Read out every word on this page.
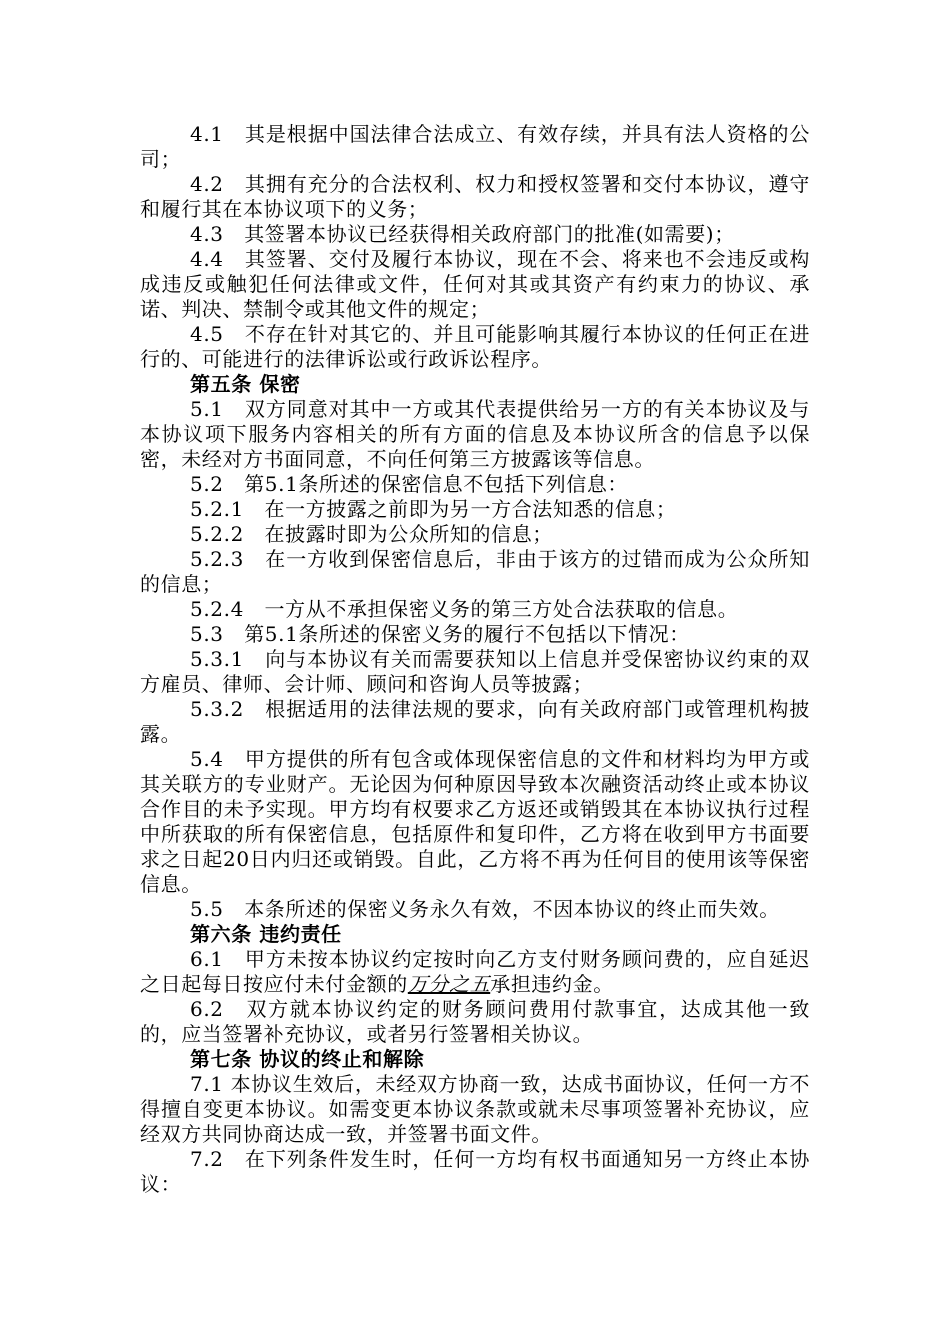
4.1　其是根据中国法律合法成立、有效存续，并具有法人资格的公司；

4.2　其拥有充分的合法权利、权力和授权签署和交付本协议，遵守和履行其在本协议项下的义务；

4.3　其签署本协议已经获得相关政府部门的批准(如需要)；

4.4　其签署、交付及履行本协议，现在不会、将来也不会违反或构成违反或触犯任何法律或文件，任何对其或其资产有约束力的协议、承诺、判决、禁制令或其他文件的规定；

4.5　不存在针对其它的、并且可能影响其履行本协议的任何正在进行的、可能进行的法律诉讼或行政诉讼程序。

第五条 保密

5.1　双方同意对其中一方或其代表提供给另一方的有关本协议及与本协议项下服务内容相关的所有方面的信息及本协议所含的信息予以保密，未经对方书面同意，不向任何第三方披露该等信息。

5.2　第5.1条所述的保密信息不包括下列信息：

5.2.1　在一方披露之前即为另一方合法知悉的信息；

5.2.2　在披露时即为公众所知的信息；

5.2.3　在一方收到保密信息后，非由于该方的过错而成为公众所知的信息；

5.2.4　一方从不承担保密义务的第三方处合法获取的信息。

5.3　第5.1条所述的保密义务的履行不包括以下情况：

5.3.1　向与本协议有关而需要获知以上信息并受保密协议约束的双方雇员、律师、会计师、顾问和咨询人员等披露；

5.3.2　根据适用的法律法规的要求，向有关政府部门或管理机构披露。

5.4　甲方提供的所有包含或体现保密信息的文件和材料均为甲方或其关联方的专业财产。无论因为何种原因导致本次融资活动终止或本协议合作目的未予实现。甲方均有权要求乙方返还或销毁其在本协议执行过程中所获取的所有保密信息，包括原件和复印件，乙方将在收到甲方书面要求之日起20日内归还或销毁。自此，乙方将不再为任何目的使用该等保密信息。

5.5　本条所述的保密义务永久有效，不因本协议的终止而失效。

第六条 违约责任

6.1　甲方未按本协议约定按时向乙方支付财务顾问费的，应自延迟之日起每日按应付未付金额的万分之五承担违约金。

6.2　双方就本协议约定的财务顾问费用付款事宜，达成其他一致的，应当签署补充协议，或者另行签署相关协议。

第七条 协议的终止和解除

7.1 本协议生效后，未经双方协商一致，达成书面协议，任何一方不得擅自变更本协议。如需变更本协议条款或就未尽事项签署补充协议，应经双方共同协商达成一致，并签署书面文件。

7.2　在下列条件发生时，任何一方均有权书面通知另一方终止本协议：
